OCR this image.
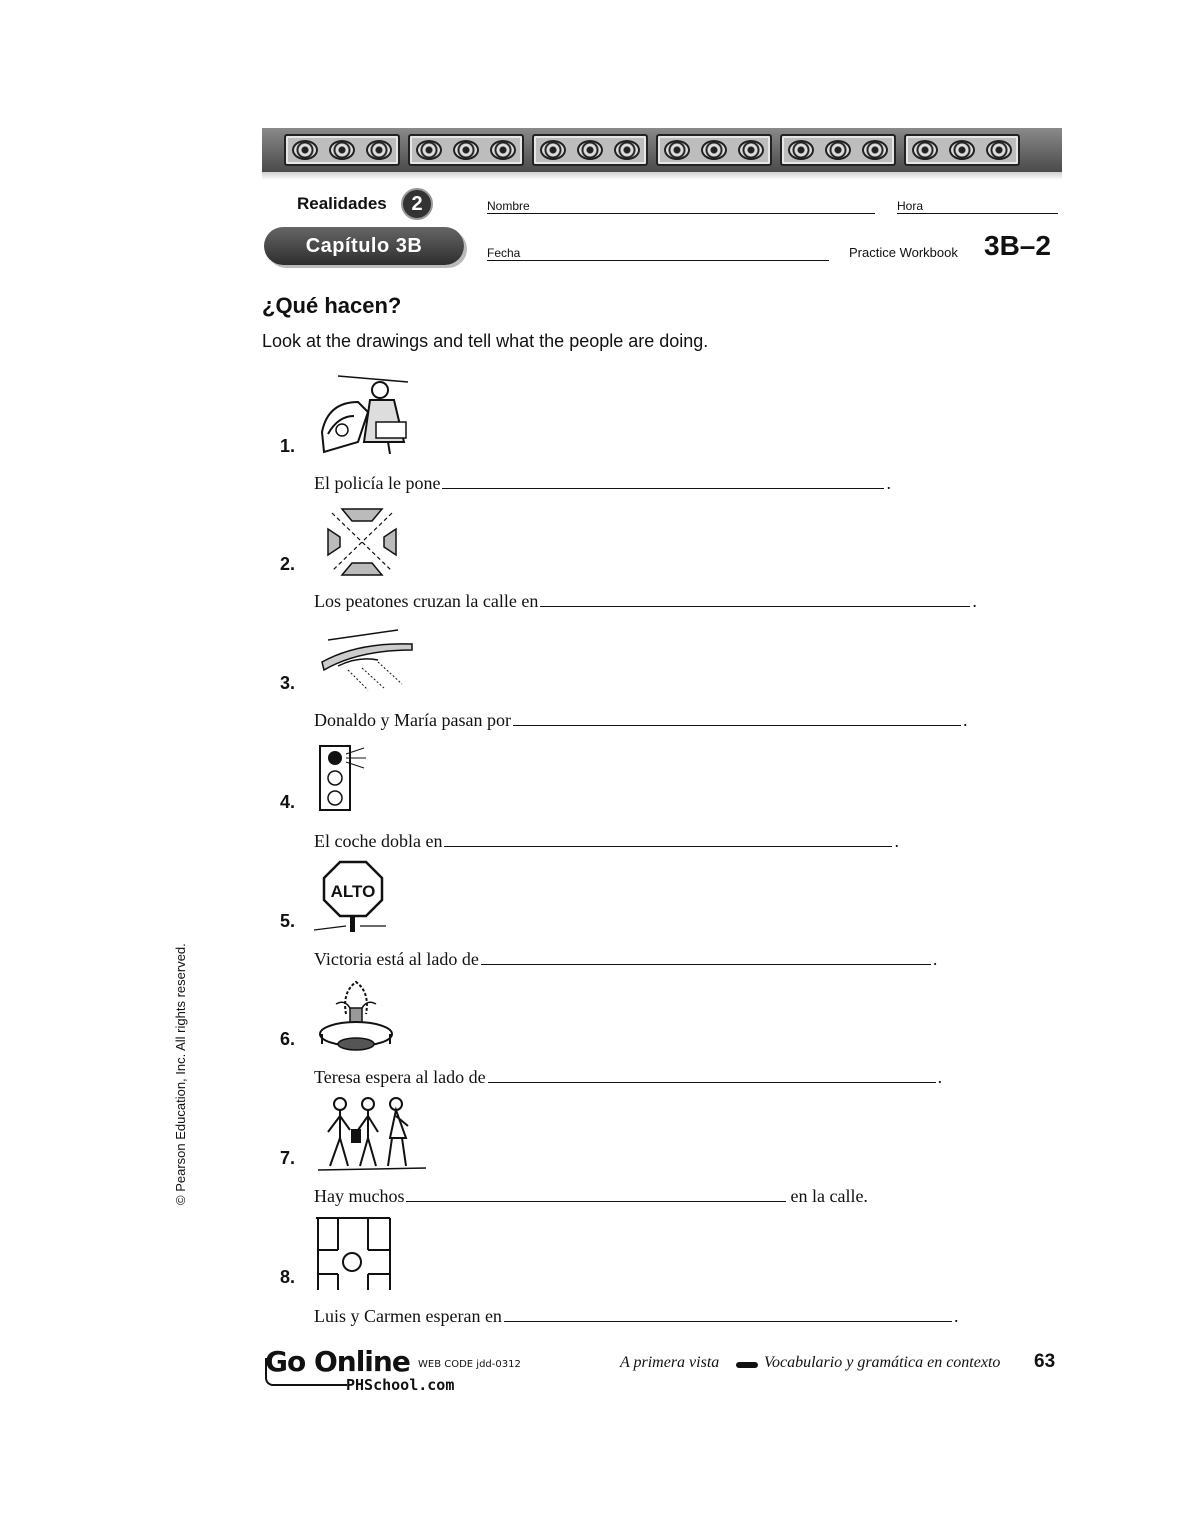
Realidades	2
Capítulo 3B
Nombre	Hora
Fecha	Practice Workbook 3B–2
¿Qué hacen?
Look at the drawings and tell what the people are doing.
1.
El policía le pone	.
2.
Los peatones cruzan la calle en	.
3.
Donaldo y María pasan por	.
4.
El coche dobla en	.
ALTO
5.
Victoria está al lado de	.
6.
Teresa espera al lado de	.
7.
Hay muchos	en la calle.
8.
Luis y Carmen esperan en	.
© Pearson Education, Inc. All rights reserved.
Go Online
PHSchool.com
WEB CODE jdd-0312	A primera vista	Vocabulario y gramática en contexto 63
